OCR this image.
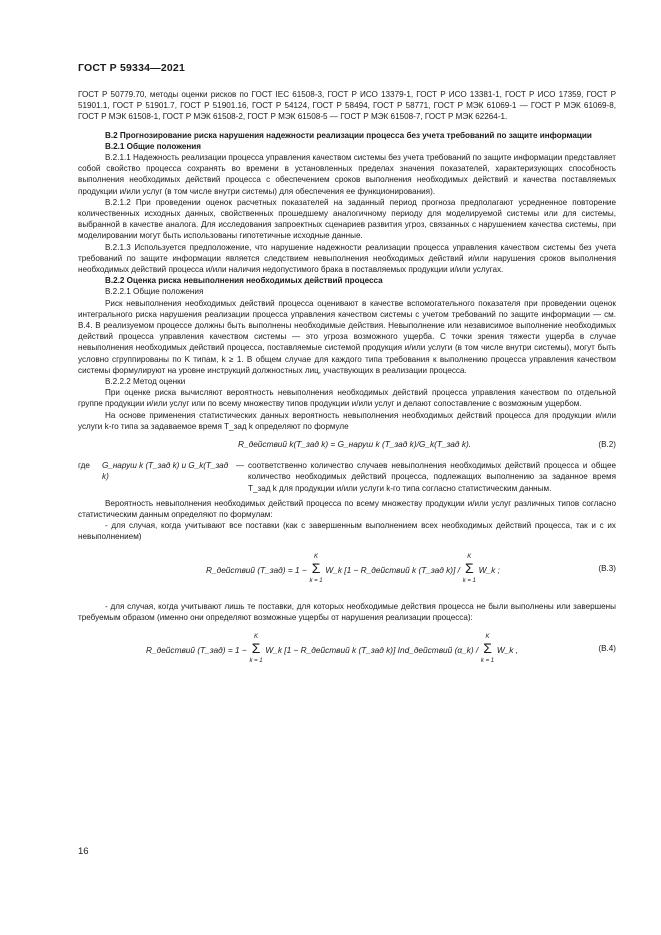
ГОСТ Р 59334—2021

ГОСТ Р 50779.70, методы оценки рисков по ГОСТ IEC 61508-3, ГОСТ Р ИСО 13379-1, ГОСТ Р ИСО 13381-1, ГОСТ Р ИСО 17359, ГОСТ Р 51901.1, ГОСТ Р 51901.7, ГОСТ Р 51901.16, ГОСТ Р 54124, ГОСТ Р 58494, ГОСТ Р 58771, ГОСТ Р МЭК 61069-1 — ГОСТ Р МЭК 61069-8, ГОСТ Р МЭК 61508-1, ГОСТ Р МЭК 61508-2, ГОСТ Р МЭК 61508-5 — ГОСТ Р МЭК 61508-7, ГОСТ Р МЭК 62264-1.

В.2 Прогнозирование риска нарушения надежности реализации процесса без учета требований по защите информации

В.2.1 Общие положения

В.2.1.1 Надежность реализации процесса управления качеством системы без учета требований по защите информации представляет собой свойство процесса сохранять во времени в установленных пределах значения показателей, характеризующих способность выполнения необходимых действий процесса с обеспечением сроков выполнения необходимых действий и качества поставляемых продукции и/или услуг (в том числе внутри системы) для обеспечения ее функционирования).

В.2.1.2 При проведении оценок расчетных показателей на заданный период прогноза предполагают усредненное повторение количественных исходных данных, свойственных прошедшему аналогичному периоду для моделируемой системы или для системы, выбранной в качестве аналога. Для исследования запроектных сценариев развития угроз, связанных с нарушением качества системы, при моделировании могут быть использованы гипотетичные исходные данные.

В.2.1.3 Используется предположение, что нарушение надежности реализации процесса управления качеством системы без учета требований по защите информации является следствием невыполнения необходимых действий и/или нарушения сроков выполнения необходимых действий процесса и/или наличия недопустимого брака в поставляемых продукции и/или услугах.

В.2.2 Оценка риска невыполнения необходимых действий процесса

В.2.2.1 Общие положения

Риск невыполнения необходимых действий процесса оценивают в качестве вспомогательного показателя при проведении оценок интегрального риска нарушения реализации процесса управления качеством системы с учетом требований по защите информации — см. В.4. В реализуемом процессе должны быть выполнены необходимые действия. Невыполнение или независимое выполнение необходимых действий процесса управления качеством системы — это угроза возможного ущерба. С точки зрения тяжести ущерба в случае невыполнения необходимых действий процесса, поставляемые системой продукция и/или услуги (в том числе внутри системы), могут быть условно сгруппированы по K типам, k ≥ 1. В общем случае для каждого типа требования к выполнению процесса управления качеством системы формулируют на уровне инструкций должностных лиц, участвующих в реализации процесса.

В.2.2.2 Метод оценки

При оценке риска вычисляют вероятность невыполнения необходимых действий процесса управления качеством по отдельной группе продукции и/или услуг или по всему множеству типов продукции и/или услуг и делают сопоставление с возможным ущербом.

На основе применения статистических данных вероятность невыполнения необходимых действий процесса для продукции и/или услуги k-го типа за задаваемое время T_зад k определяют по формуле

R_действий k(T_зад k) = G_наруш k (T_зад k)/G_k(T_зад k).	(В.2)
где	G_наруш k (T_зад k) и G_k(T_зад k)
— соответственно количество случаев невыполнения необходимых действий процесса и общее количество необходимых действий процесса, подлежащих выполнению за заданное время T_зад k для продукции и/или услуги k-го типа согласно статистическим данным.

Вероятность невыполнения необходимых действий процесса по всему множеству продукции и/или услуг различных типов согласно статистическим данным определяют по формулам:

- для случая, когда учитывают все поставки (как с завершенным выполнением всех необходимых действий процесса, так и с их невыполнением)

R_действий (T_зад) = 1 −
K
Σ
k = 1
W_k [1 − R_действий k (T_зад k)] /
K
Σ
k = 1
W_k ;	(В.3)

- для случая, когда учитывают лишь те поставки, для которых необходимые действия процесса не были выполнены или завершены требуемым образом (именно они определяют возможные ущербы от нарушения реализации процесса):

R_действий (T_зад) = 1 −
K
Σ
k = 1
W_k [1 − R_действий k (T_зад k)] Ind_действий (α_k) /
K
Σ
k = 1
W_k ,	(В.4)
16
